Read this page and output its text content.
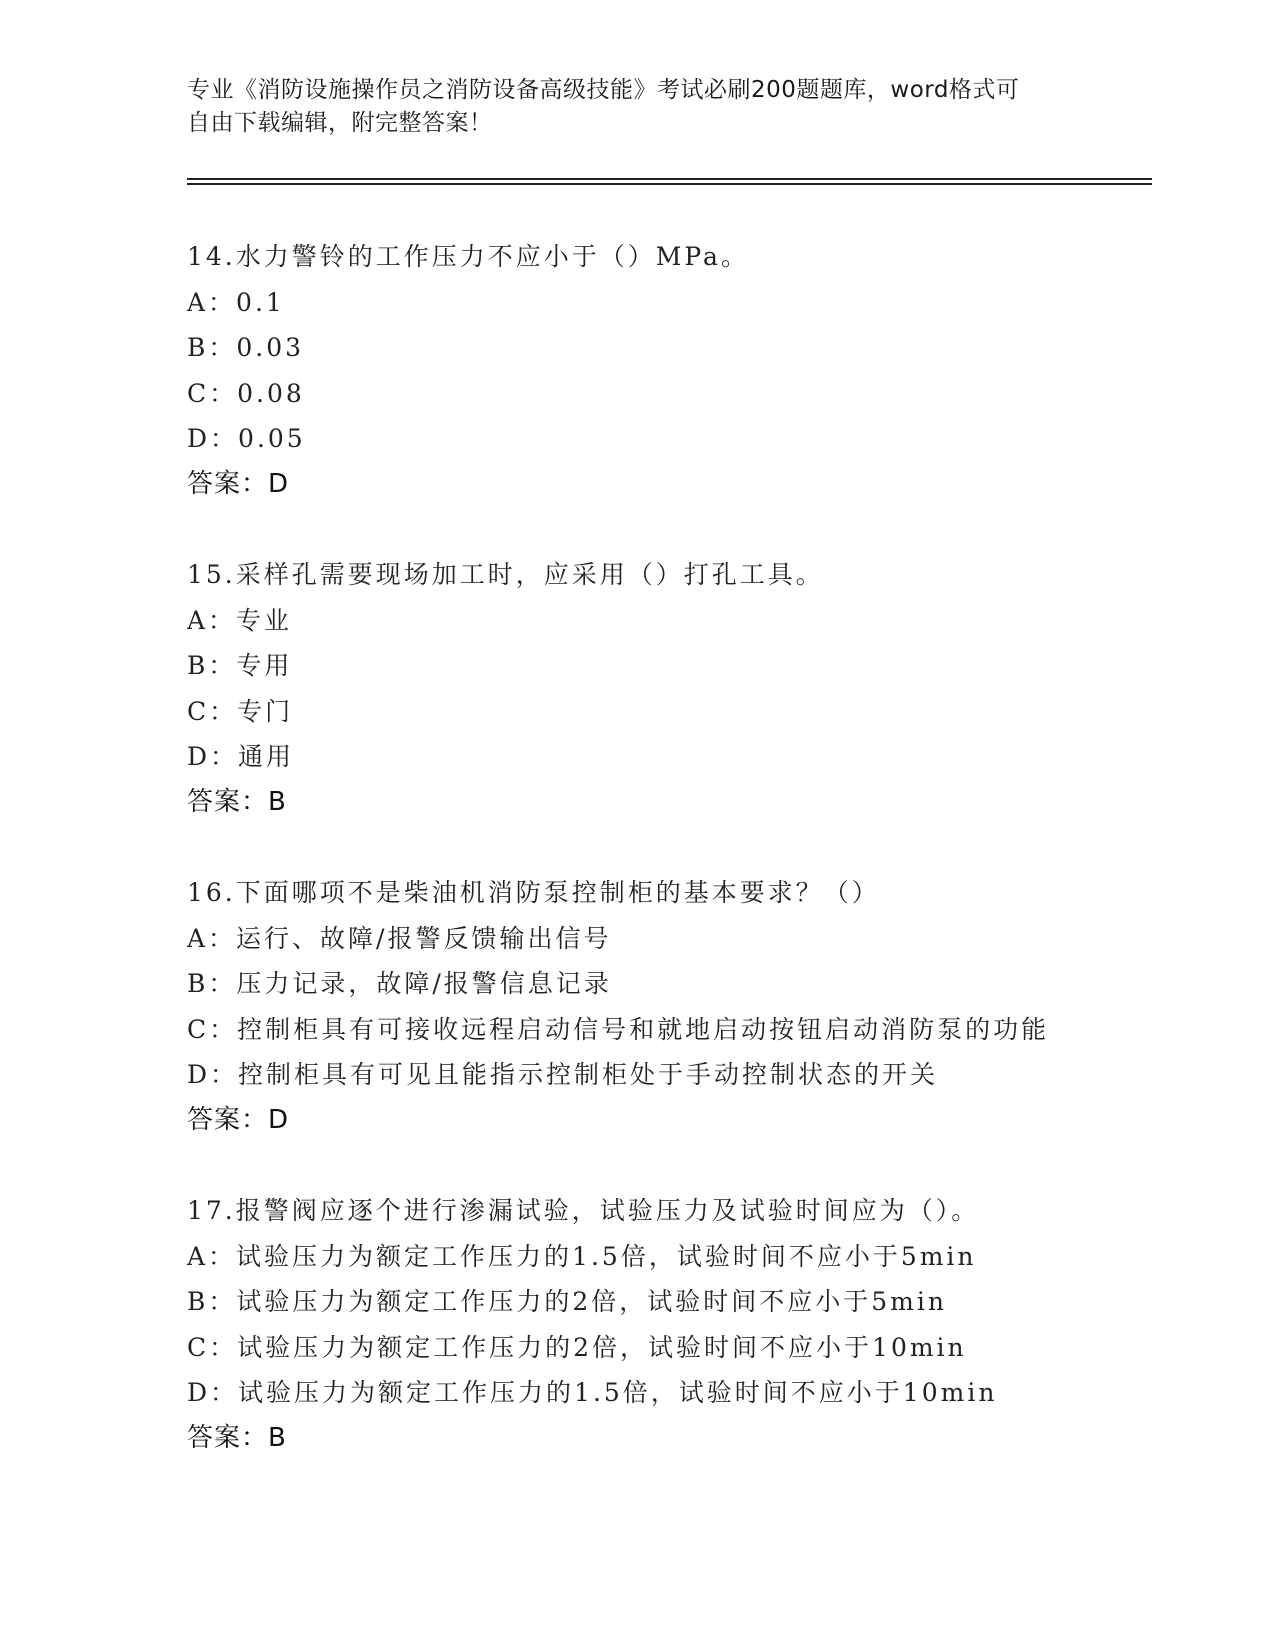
专业《消防设施操作员之消防设备高级技能》考试必刷200题题库，word格式可
自由下载编辑，附完整答案！
14.水力警铃的工作压力不应小于（）MPa。
A：0.1
B：0.03
C：0.08
D：0.05
答案：D
15.采样孔需要现场加工时，应采用（）打孔工具。
A：专业
B：专用
C：专门
D：通用
答案：B
16.下面哪项不是柴油机消防泵控制柜的基本要求？（）
A：运行、故障/报警反馈输出信号
B：压力记录，故障/报警信息记录
C：控制柜具有可接收远程启动信号和就地启动按钮启动消防泵的功能
D：控制柜具有可见且能指示控制柜处于手动控制状态的开关
答案：D
17.报警阀应逐个进行渗漏试验，试验压力及试验时间应为（）。
A：试验压力为额定工作压力的1.5倍，试验时间不应小于5min
B：试验压力为额定工作压力的2倍，试验时间不应小于5min
C：试验压力为额定工作压力的2倍，试验时间不应小于10min
D：试验压力为额定工作压力的1.5倍，试验时间不应小于10min
答案：B
